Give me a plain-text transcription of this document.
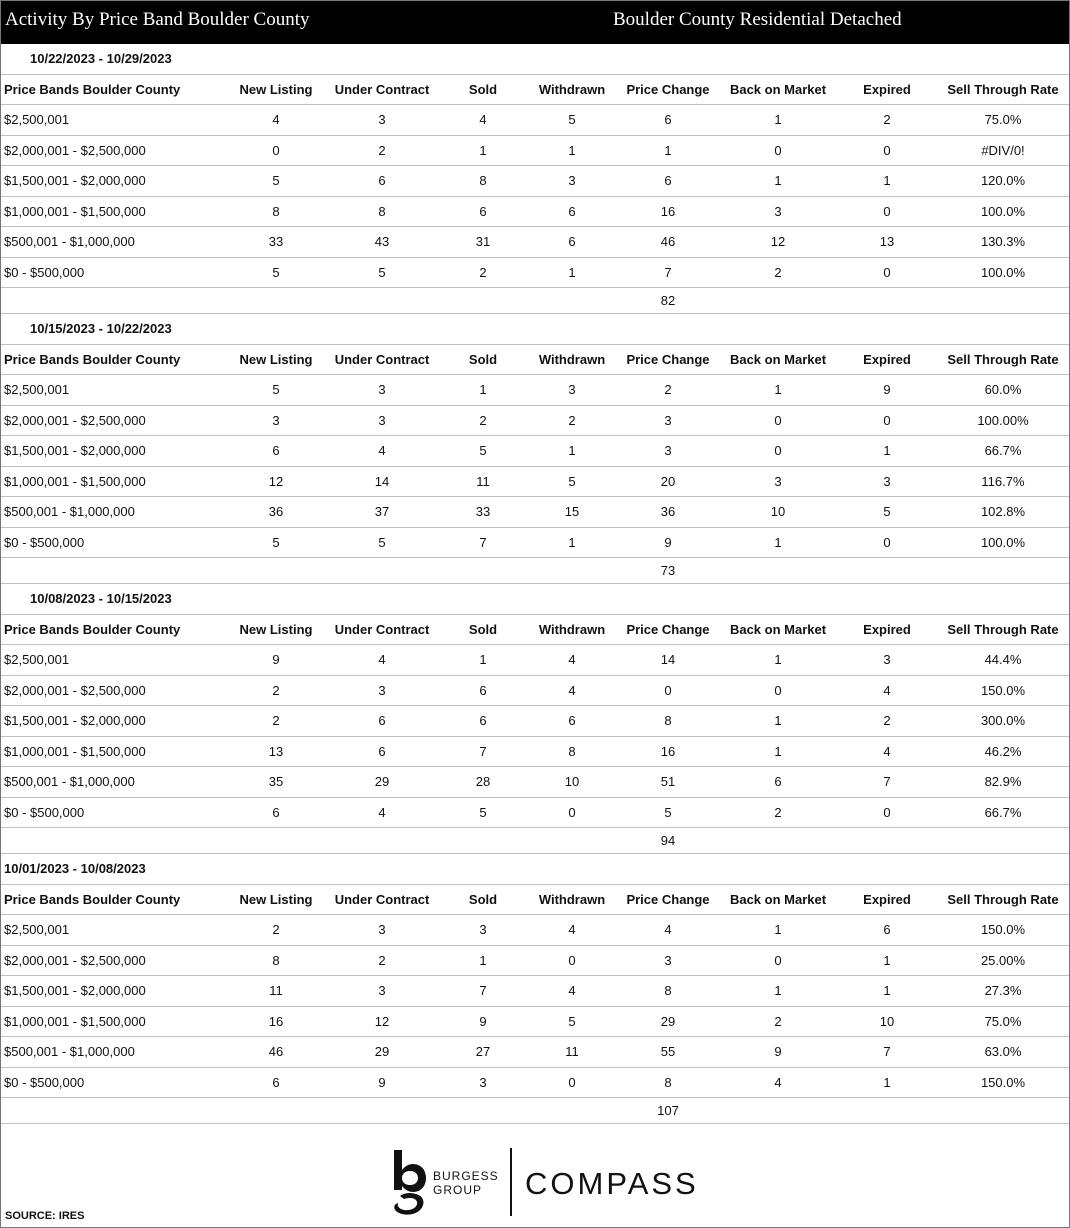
Activity By Price Band Boulder County	Boulder County Residential Detached
10/22/2023 - 10/29/2023
Price Bands Boulder County	New Listing	Under Contract	Sold	Withdrawn	Price Change	Back on Market	Expired	Sell Through Rate
$2,500,001	4	3	4	5	6	1	2	75.0%
$2,000,001 - $2,500,000	0	2	1	1	1	0	0	#DIV/0!
$1,500,001 - $2,000,000	5	6	8	3	6	1	1	120.0%
$1,000,001 - $1,500,000	8	8	6	6	16	3	0	100.0%
$500,001 - $1,000,000	33	43	31	6	46	12	13	130.3%
$0 - $500,000	5	5	2	1	7	2	0	100.0%
82
10/15/2023 - 10/22/2023
Price Bands Boulder County	New Listing	Under Contract	Sold	Withdrawn	Price Change	Back on Market	Expired	Sell Through Rate
$2,500,001	5	3	1	3	2	1	9	60.0%
$2,000,001 - $2,500,000	3	3	2	2	3	0	0	100.00%
$1,500,001 - $2,000,000	6	4	5	1	3	0	1	66.7%
$1,000,001 - $1,500,000	12	14	11	5	20	3	3	116.7%
$500,001 - $1,000,000	36	37	33	15	36	10	5	102.8%
$0 - $500,000	5	5	7	1	9	1	0	100.0%
73
10/08/2023 - 10/15/2023
Price Bands Boulder County	New Listing	Under Contract	Sold	Withdrawn	Price Change	Back on Market	Expired	Sell Through Rate
$2,500,001	9	4	1	4	14	1	3	44.4%
$2,000,001 - $2,500,000	2	3	6	4	0	0	4	150.0%
$1,500,001 - $2,000,000	2	6	6	6	8	1	2	300.0%
$1,000,001 - $1,500,000	13	6	7	8	16	1	4	46.2%
$500,001 - $1,000,000	35	29	28	10	51	6	7	82.9%
$0 - $500,000	6	4	5	0	5	2	0	66.7%
94
10/01/2023 - 10/08/2023
Price Bands Boulder County	New Listing	Under Contract	Sold	Withdrawn	Price Change	Back on Market	Expired	Sell Through Rate
$2,500,001	2	3	3	4	4	1	6	150.0%
$2,000,001 - $2,500,000	8	2	1	0	3	0	1	25.00%
$1,500,001 - $2,000,000	11	3	7	4	8	1	1	27.3%
$1,000,001 - $1,500,000	16	12	9	5	29	2	10	75.0%
$500,001 - $1,000,000	46	29	27	11	55	9	7	63.0%
$0 - $500,000	6	9	3	0	8	4	1	150.0%
107
BURGESS
GROUP	COMPASS
SOURCE: IRES
